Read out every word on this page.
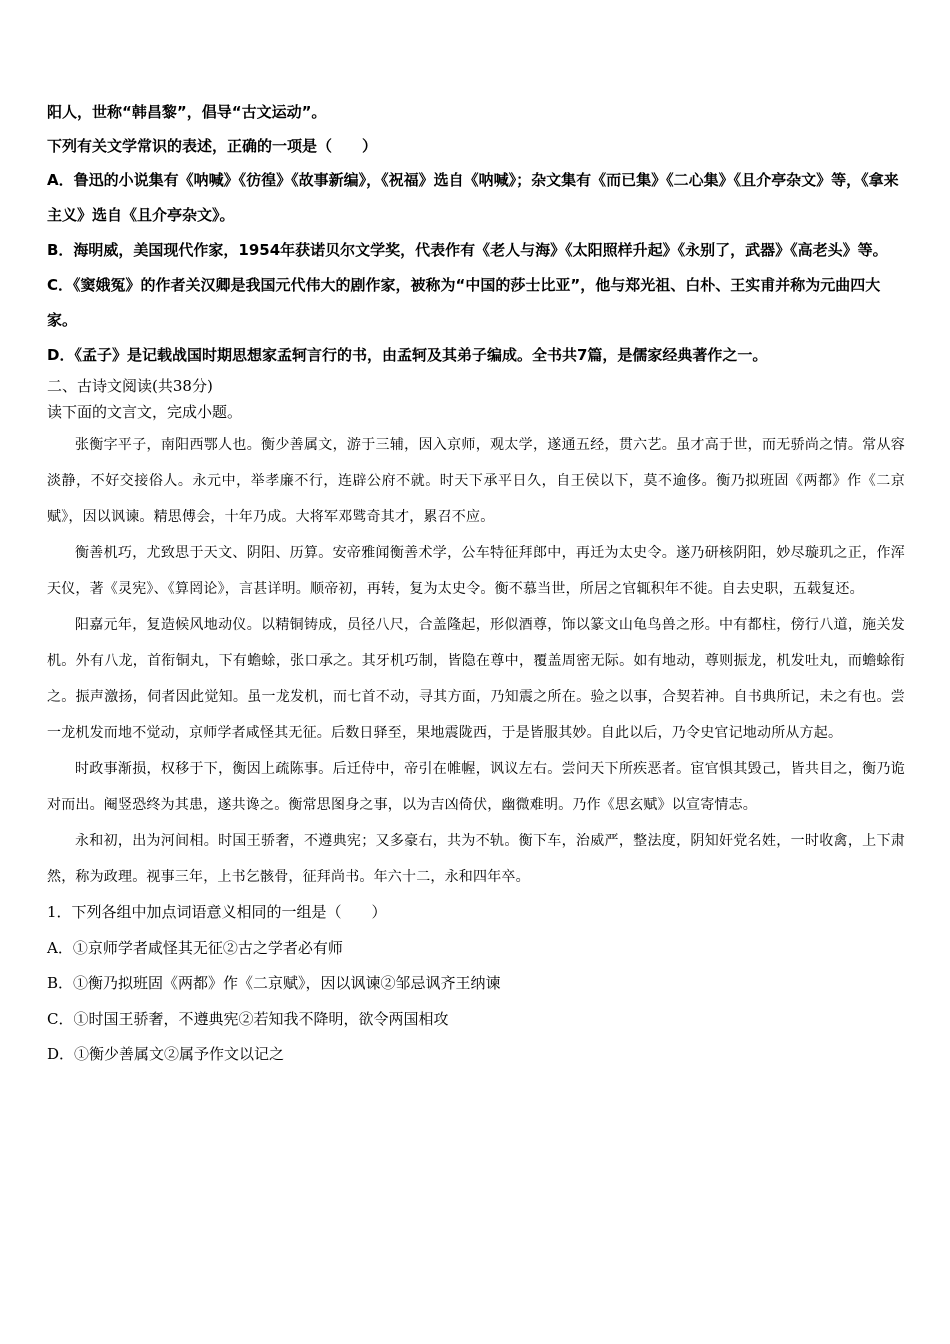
阳人，世称“韩昌黎”，倡导“古文运动”。

下列有关文学常识的表述，正确的一项是（　　）

A．鲁迅的小说集有《呐喊》《彷徨》《故事新编》，《祝福》选自《呐喊》；杂文集有《而已集》《二心集》《且介亭杂文》等，《拿来主义》选自《且介亭杂文》。

B．海明威，美国现代作家，1954年获诺贝尔文学奖，代表作有《老人与海》《太阳照样升起》《永别了，武器》《高老头》等。

C．《窦娥冤》的作者关汉卿是我国元代伟大的剧作家，被称为“中国的莎士比亚”，他与郑光祖、白朴、王实甫并称为元曲四大家。

D．《孟子》是记载战国时期思想家孟轲言行的书，由孟轲及其弟子编成。全书共7篇，是儒家经典著作之一。

二、古诗文阅读(共38分)

读下面的文言文，完成小题。

张衡字平子，南阳西鄂人也。衡少善属文，游于三辅，因入京师，观太学，遂通五经，贯六艺。虽才高于世，而无骄尚之情。常从容淡静，不好交接俗人。永元中，举孝廉不行，连辟公府不就。时天下承平日久，自王侯以下，莫不逾侈。衡乃拟班固《两都》作《二京赋》，因以讽谏。精思傅会，十年乃成。大将军邓骘奇其才，累召不应。

衡善机巧，尤致思于天文、阴阳、历算。安帝雅闻衡善术学，公车特征拜郎中，再迁为太史令。遂乃研核阴阳，妙尽璇玑之正，作浑天仪，著《灵宪》、《算罔论》，言甚详明。顺帝初，再转，复为太史令。衡不慕当世，所居之官辄积年不徙。自去史职，五载复还。

阳嘉元年，复造候风地动仪。以精铜铸成，员径八尺，合盖隆起，形似酒尊，饰以篆文山龟鸟兽之形。中有都柱，傍行八道，施关发机。外有八龙，首衔铜丸，下有蟾蜍，张口承之。其牙机巧制，皆隐在尊中，覆盖周密无际。如有地动，尊则振龙，机发吐丸，而蟾蜍衔之。振声激扬，伺者因此觉知。虽一龙发机，而七首不动，寻其方面，乃知震之所在。验之以事，合契若神。自书典所记，未之有也。尝一龙机发而地不觉动，京师学者咸怪其无征。后数日驿至，果地震陇西，于是皆服其妙。自此以后，乃令史官记地动所从方起。

时政事渐损，权移于下，衡因上疏陈事。后迁侍中，帝引在帷幄，讽议左右。尝问天下所疾恶者。宦官惧其毁己，皆共目之，衡乃诡对而出。阉竖恐终为其患，遂共谗之。衡常思图身之事，以为吉凶倚伏，幽微难明。乃作《思玄赋》以宣寄情志。

永和初，出为河间相。时国王骄奢，不遵典宪；又多豪右，共为不轨。衡下车，治威严，整法度，阴知奸党名姓，一时收禽，上下肃然，称为政理。视事三年，上书乞骸骨，征拜尚书。年六十二，永和四年卒。

1．下列各组中加点词语意义相同的一组是（　　）

A．①京师学者咸怪其无征②古之学者必有师

B．①衡乃拟班固《两都》作《二京赋》，因以讽谏②邹忌讽齐王纳谏

C．①时国王骄奢，不遵典宪②若知我不降明，欲令两国相攻

D．①衡少善属文②属予作文以记之
